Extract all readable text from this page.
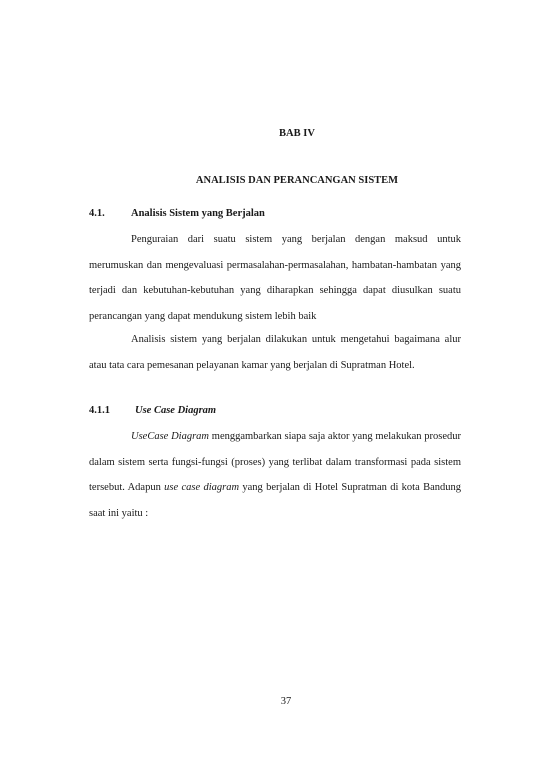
BAB IV
ANALISIS DAN PERANCANGAN SISTEM
4.1.	Analisis Sistem yang Berjalan

Penguraian dari suatu sistem yang berjalan dengan maksud untuk merumuskan dan mengevaluasi permasalahan-permasalahan, hambatan-hambatan yang terjadi dan kebutuhan-kebutuhan yang diharapkan sehingga dapat diusulkan suatu perancangan yang dapat mendukung sistem lebih baik

Analisis sistem yang berjalan dilakukan untuk mengetahui bagaimana alur atau tata cara pemesanan pelayanan kamar yang berjalan di Supratman Hotel.

4.1.1 Use Case Diagram

UseCase Diagram menggambarkan siapa saja aktor yang melakukan prosedur dalam sistem serta fungsi-fungsi (proses) yang terlibat dalam transformasi pada sistem tersebut. Adapun use case diagram yang berjalan di Hotel Supratman di kota Bandung saat ini yaitu :

37
